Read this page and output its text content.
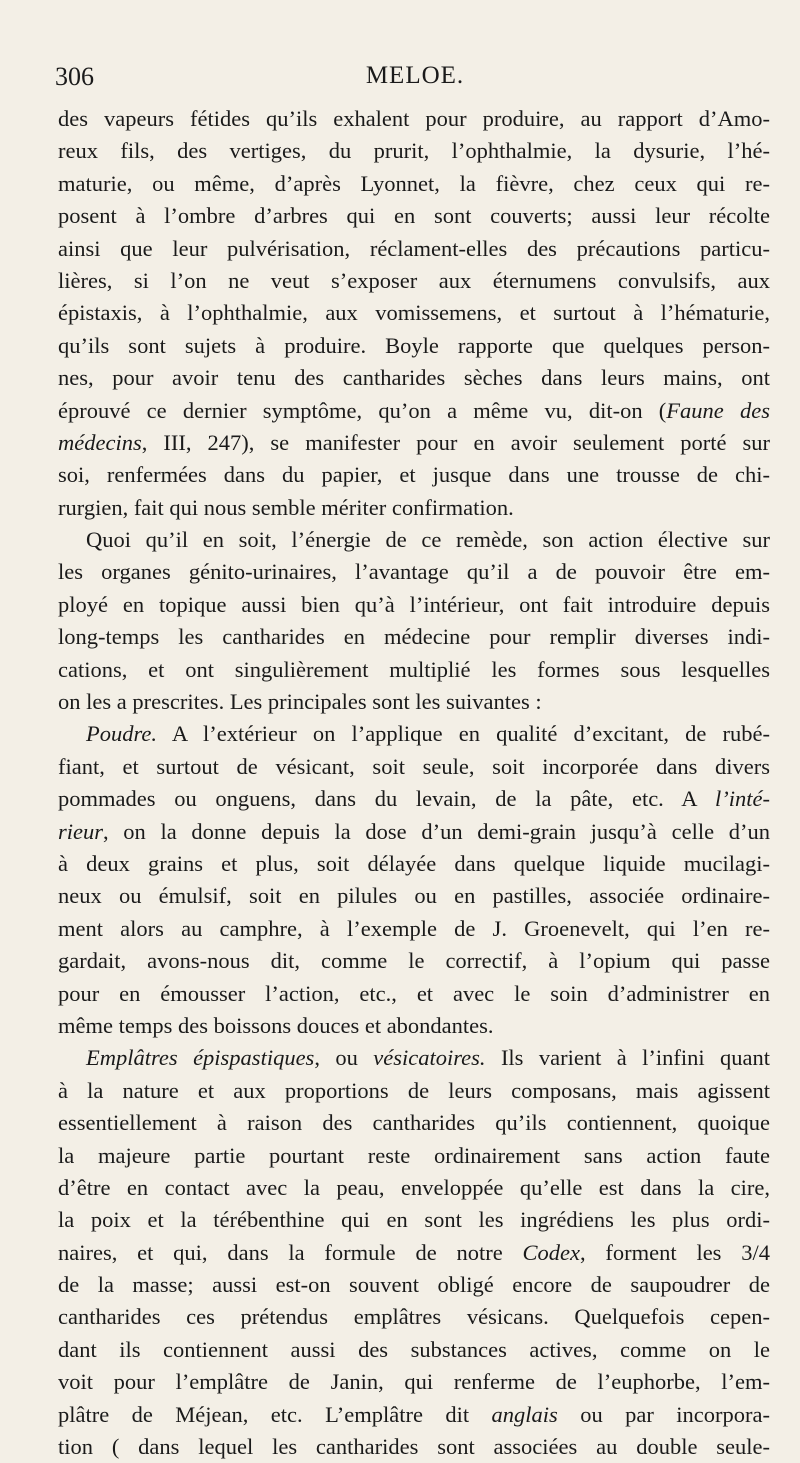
306	MELOE.
des vapeurs fétides qu’ils exhalent pour produire, au rapport d’Amo-
reux fils, des vertiges, du prurit, l’ophthalmie, la dysurie, l’hé-
maturie, ou même, d’après Lyonnet, la fièvre, chez ceux qui re-
posent à l’ombre d’arbres qui en sont couverts; aussi leur récolte
ainsi que leur pulvérisation, réclament-elles des précautions particu-
lières, si l’on ne veut s’exposer aux éternumens convulsifs, aux
épistaxis, à l’ophthalmie, aux vomissemens, et surtout à l’hématurie,
qu’ils sont sujets à produire. Boyle rapporte que quelques person-
nes, pour avoir tenu des cantharides sèches dans leurs mains, ont
éprouvé ce dernier symptôme, qu’on a même vu, dit-on (Faune des
médecins, III, 247), se manifester pour en avoir seulement porté sur
soi, renfermées dans du papier, et jusque dans une trousse de chi-
rurgien, fait qui nous semble mériter confirmation.
Quoi qu’il en soit, l’énergie de ce remède, son action élective sur
les organes génito-urinaires, l’avantage qu’il a de pouvoir être em-
ployé en topique aussi bien qu’à l’intérieur, ont fait introduire depuis
long-temps les cantharides en médecine pour remplir diverses indi-
cations, et ont singulièrement multiplié les formes sous lesquelles
on les a prescrites. Les principales sont les suivantes :
Poudre. A l’extérieur on l’applique en qualité d’excitant, de rubé-
fiant, et surtout de vésicant, soit seule, soit incorporée dans divers
pommades ou onguens, dans du levain, de la pâte, etc. A l’inté-
rieur, on la donne depuis la dose d’un demi-grain jusqu’à celle d’un
à deux grains et plus, soit délayée dans quelque liquide mucilagi-
neux ou émulsif, soit en pilules ou en pastilles, associée ordinaire-
ment alors au camphre, à l’exemple de J. Groenevelt, qui l’en re-
gardait, avons-nous dit, comme le correctif, à l’opium qui passe
pour en émousser l’action, etc., et avec le soin d’administrer en
même temps des boissons douces et abondantes.
Emplâtres épispastiques, ou vésicatoires. Ils varient à l’infini quant
à la nature et aux proportions de leurs composans, mais agissent
essentiellement à raison des cantharides qu’ils contiennent, quoique
la majeure partie pourtant reste ordinairement sans action faute
d’être en contact avec la peau, enveloppée qu’elle est dans la cire,
la poix et la térébenthine qui en sont les ingrédiens les plus ordi-
naires, et qui, dans la formule de notre Codex, forment les 3/4
de la masse; aussi est-on souvent obligé encore de saupoudrer de
cantharides ces prétendus emplâtres vésicans. Quelquefois cepen-
dant ils contiennent aussi des substances actives, comme on le
voit pour l’emplâtre de Janin, qui renferme de l’euphorbe, l’em-
plâtre de Méjean, etc. L’emplâtre dit anglais ou par incorpora-
tion ( dans lequel les cantharides sont associées au double seule-
